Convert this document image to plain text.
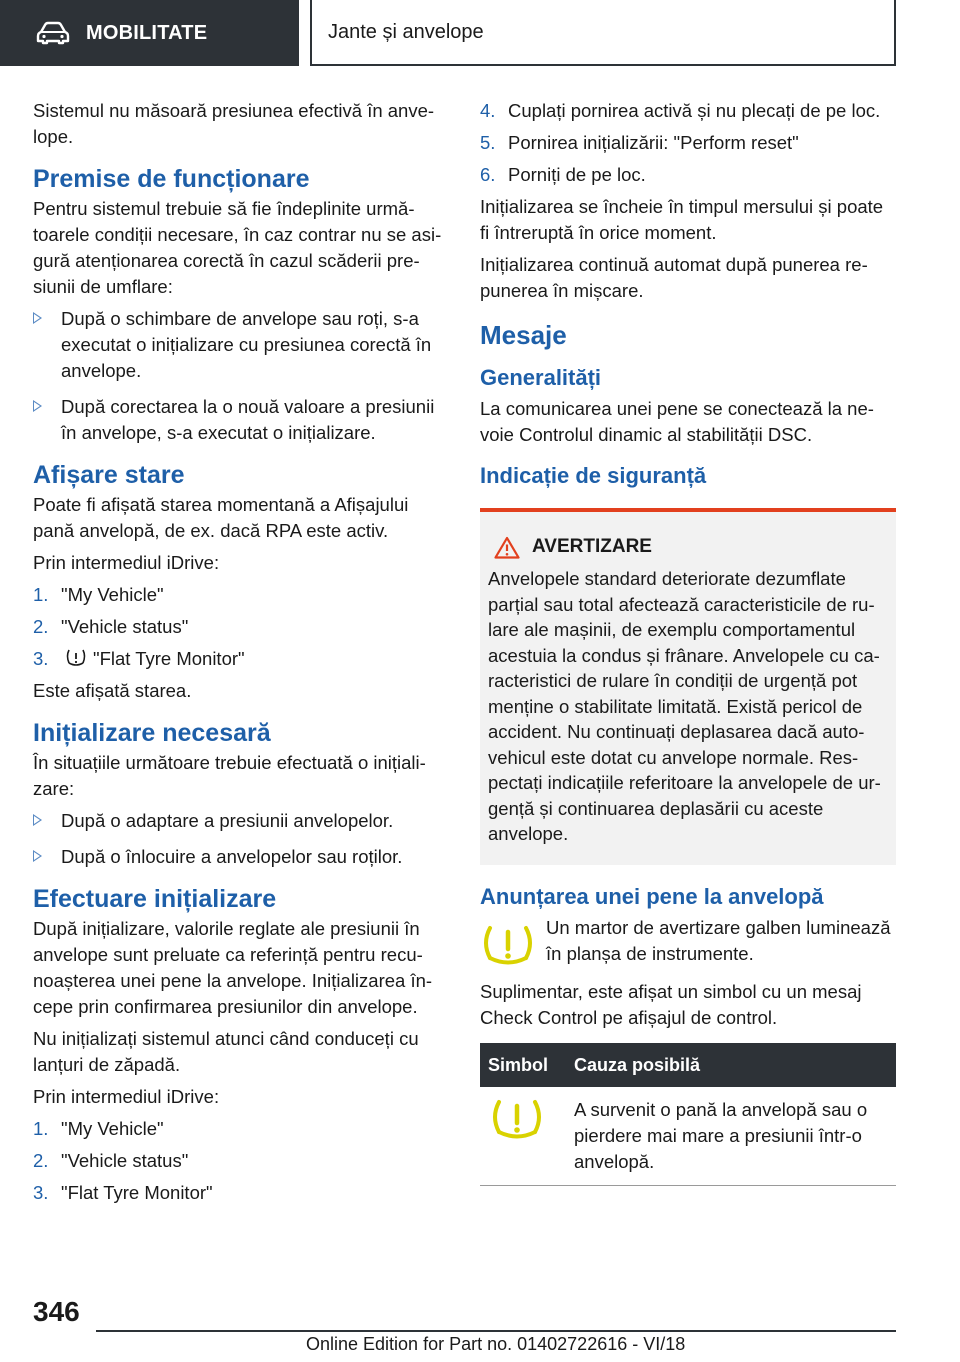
MOBILITATE	Jante și anvelope

Sistemul nu măsoară presiunea efectivă în anve-lope.

Premise de funcționare

Pentru sistemul trebuie să fie îndeplinite urmă-toarele condiții necesare, în caz contrar nu se asi-gură atenționarea corectă în cazul scăderii pre-siunii de umflare:

După o schimbare de anvelope sau roți, s-a executat o inițializare cu presiunea corectă în anvelope.
După corectarea la o nouă valoare a presiunii în anvelope, s-a executat o inițializare.
Afișare stare

Poate fi afișată starea momentană a Afișajului pană anvelopă, de ex. dacă RPA este activ.

Prin intermediul iDrive:

1. "My Vehicle"
2. "Vehicle status"
3. "Flat Tyre Monitor"

Este afișată starea.

Inițializare necesară

În situațiile următoare trebuie efectuată o inițiali-zare:

După o adaptare a presiunii anvelopelor.
După o înlocuire a anvelopelor sau roților.
Efectuare inițializare

După inițializare, valorile reglate ale presiunii în anvelope sunt preluate ca referință pentru recu-noașterea unei pene la anvelope. Inițializarea în-cepe prin confirmarea presiunilor din anvelope.

Nu inițializați sistemul atunci când conduceți cu lanțuri de zăpadă.

Prin intermediul iDrive:

1. "My Vehicle"
2. "Vehicle status"
3. "Flat Tyre Monitor"
4. Cuplați pornirea activă și nu plecați de pe loc.
5. Pornirea inițializării: "Perform reset"
6. Porniți de pe loc.

Inițializarea se încheie în timpul mersului și poate fi întreruptă în orice moment.

Inițializarea continuă automat după punerea re-punerea în mișcare.

Mesaje
Generalități

La comunicarea unei pene se conectează la ne-voie Controlul dinamic al stabilității DSC.

Indicație de siguranță
AVERTIZARE
Anvelopele standard deteriorate dezumflate parțial sau total afectează caracteristicile de ru-lare ale mașinii, de exemplu comportamentul acestuia la condus și frânare. Anvelopele cu ca-racteristici de rulare în condiții de urgență pot menține o stabilitate limitată. Există pericol de accident. Nu continuați deplasarea dacă auto-vehicul este dotat cu anvelope normale. Res-pectați indicațiile referitoare la anvelopele de ur-gență și continuarea deplasării cu aceste anvelope.
Anunțarea unei pene la anvelopă
Un martor de avertizare galben luminează în planșa de instrumente.

Suplimentar, este afișat un simbol cu un mesaj Check Control pe afișajul de control.

Simbol	Cauza posibilă
	A survenit o pană la anvelopă sau o pierdere mai mare a presiunii într-o anvelopă.
346
Online Edition for Part no. 01402722616 - VI/18
